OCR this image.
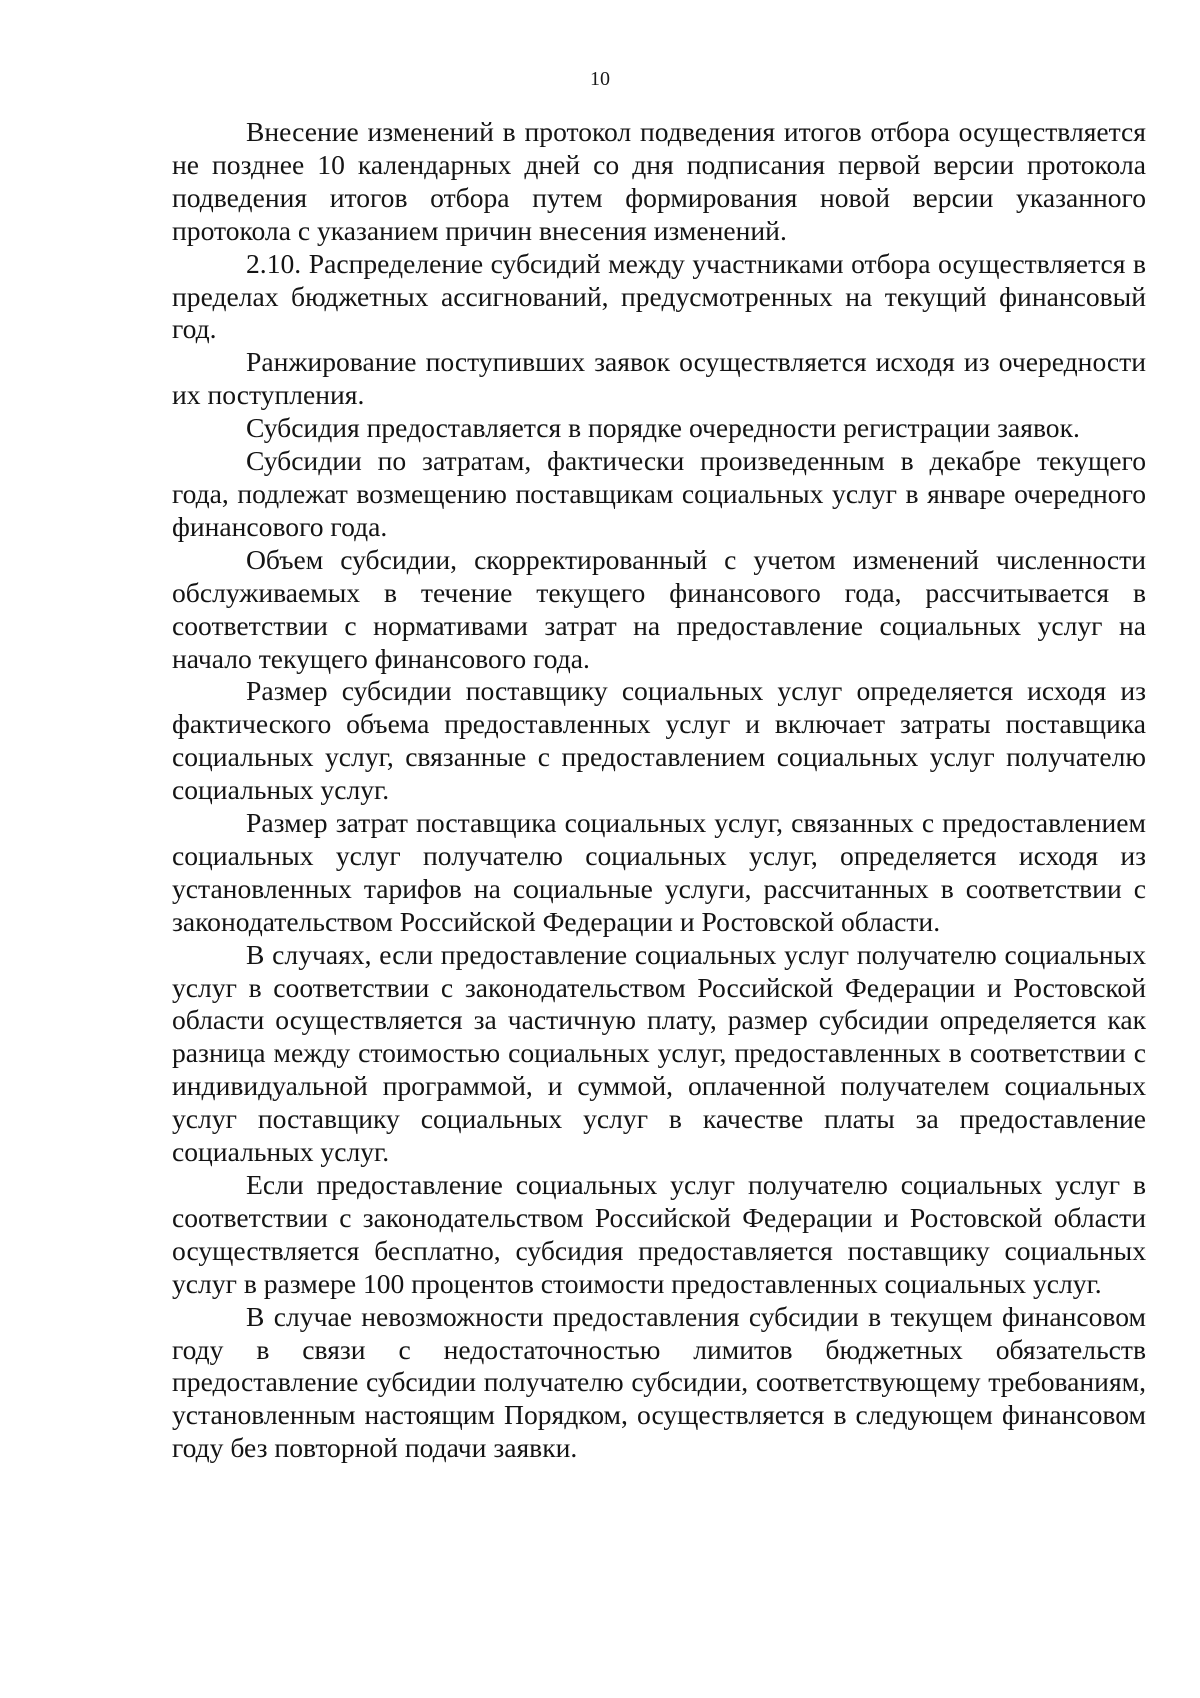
10

Внесение изменений в протокол подведения итогов отбора осуществляется не позднее 10 календарных дней со дня подписания первой версии протокола подведения итогов отбора путем формирования новой версии указанного протокола с указанием причин внесения изменений.

2.10. Распределение субсидий между участниками отбора осуществляется в пределах бюджетных ассигнований, предусмотренных на текущий финансовый год.

Ранжирование поступивших заявок осуществляется исходя из очередности их поступления.

Субсидия предоставляется в порядке очередности регистрации заявок.

Субсидии по затратам, фактически произведенным в декабре текущего года, подлежат возмещению поставщикам социальных услуг в январе очередного финансового года.

Объем субсидии, скорректированный с учетом изменений численности обслуживаемых в течение текущего финансового года, рассчитывается в соответствии с нормативами затрат на предоставление социальных услуг на начало текущего финансового года.

Размер субсидии поставщику социальных услуг определяется исходя из фактического объема предоставленных услуг и включает затраты поставщика социальных услуг, связанные с предоставлением социальных услуг получателю социальных услуг.

Размер затрат поставщика социальных услуг, связанных с предоставлением социальных услуг получателю социальных услуг, определяется исходя из установленных тарифов на социальные услуги, рассчитанных в соответствии с законодательством Российской Федерации и Ростовской области.

В случаях, если предоставление социальных услуг получателю социальных услуг в соответствии с законодательством Российской Федерации и Ростовской области осуществляется за частичную плату, размер субсидии определяется как разница между стоимостью социальных услуг, предоставленных в соответствии с индивидуальной программой, и суммой, оплаченной получателем социальных услуг поставщику социальных услуг в качестве платы за предоставление социальных услуг.

Если предоставление социальных услуг получателю социальных услуг в соответствии с законодательством Российской Федерации и Ростовской области осуществляется бесплатно, субсидия предоставляется поставщику социальных услуг в размере 100 процентов стоимости предоставленных социальных услуг.

В случае невозможности предоставления субсидии в текущем финансовом году в связи с недостаточностью лимитов бюджетных обязательств предоставление субсидии получателю субсидии, соответствующему требованиям, установленным настоящим Порядком, осуществляется в следующем финансовом году без повторной подачи заявки.
